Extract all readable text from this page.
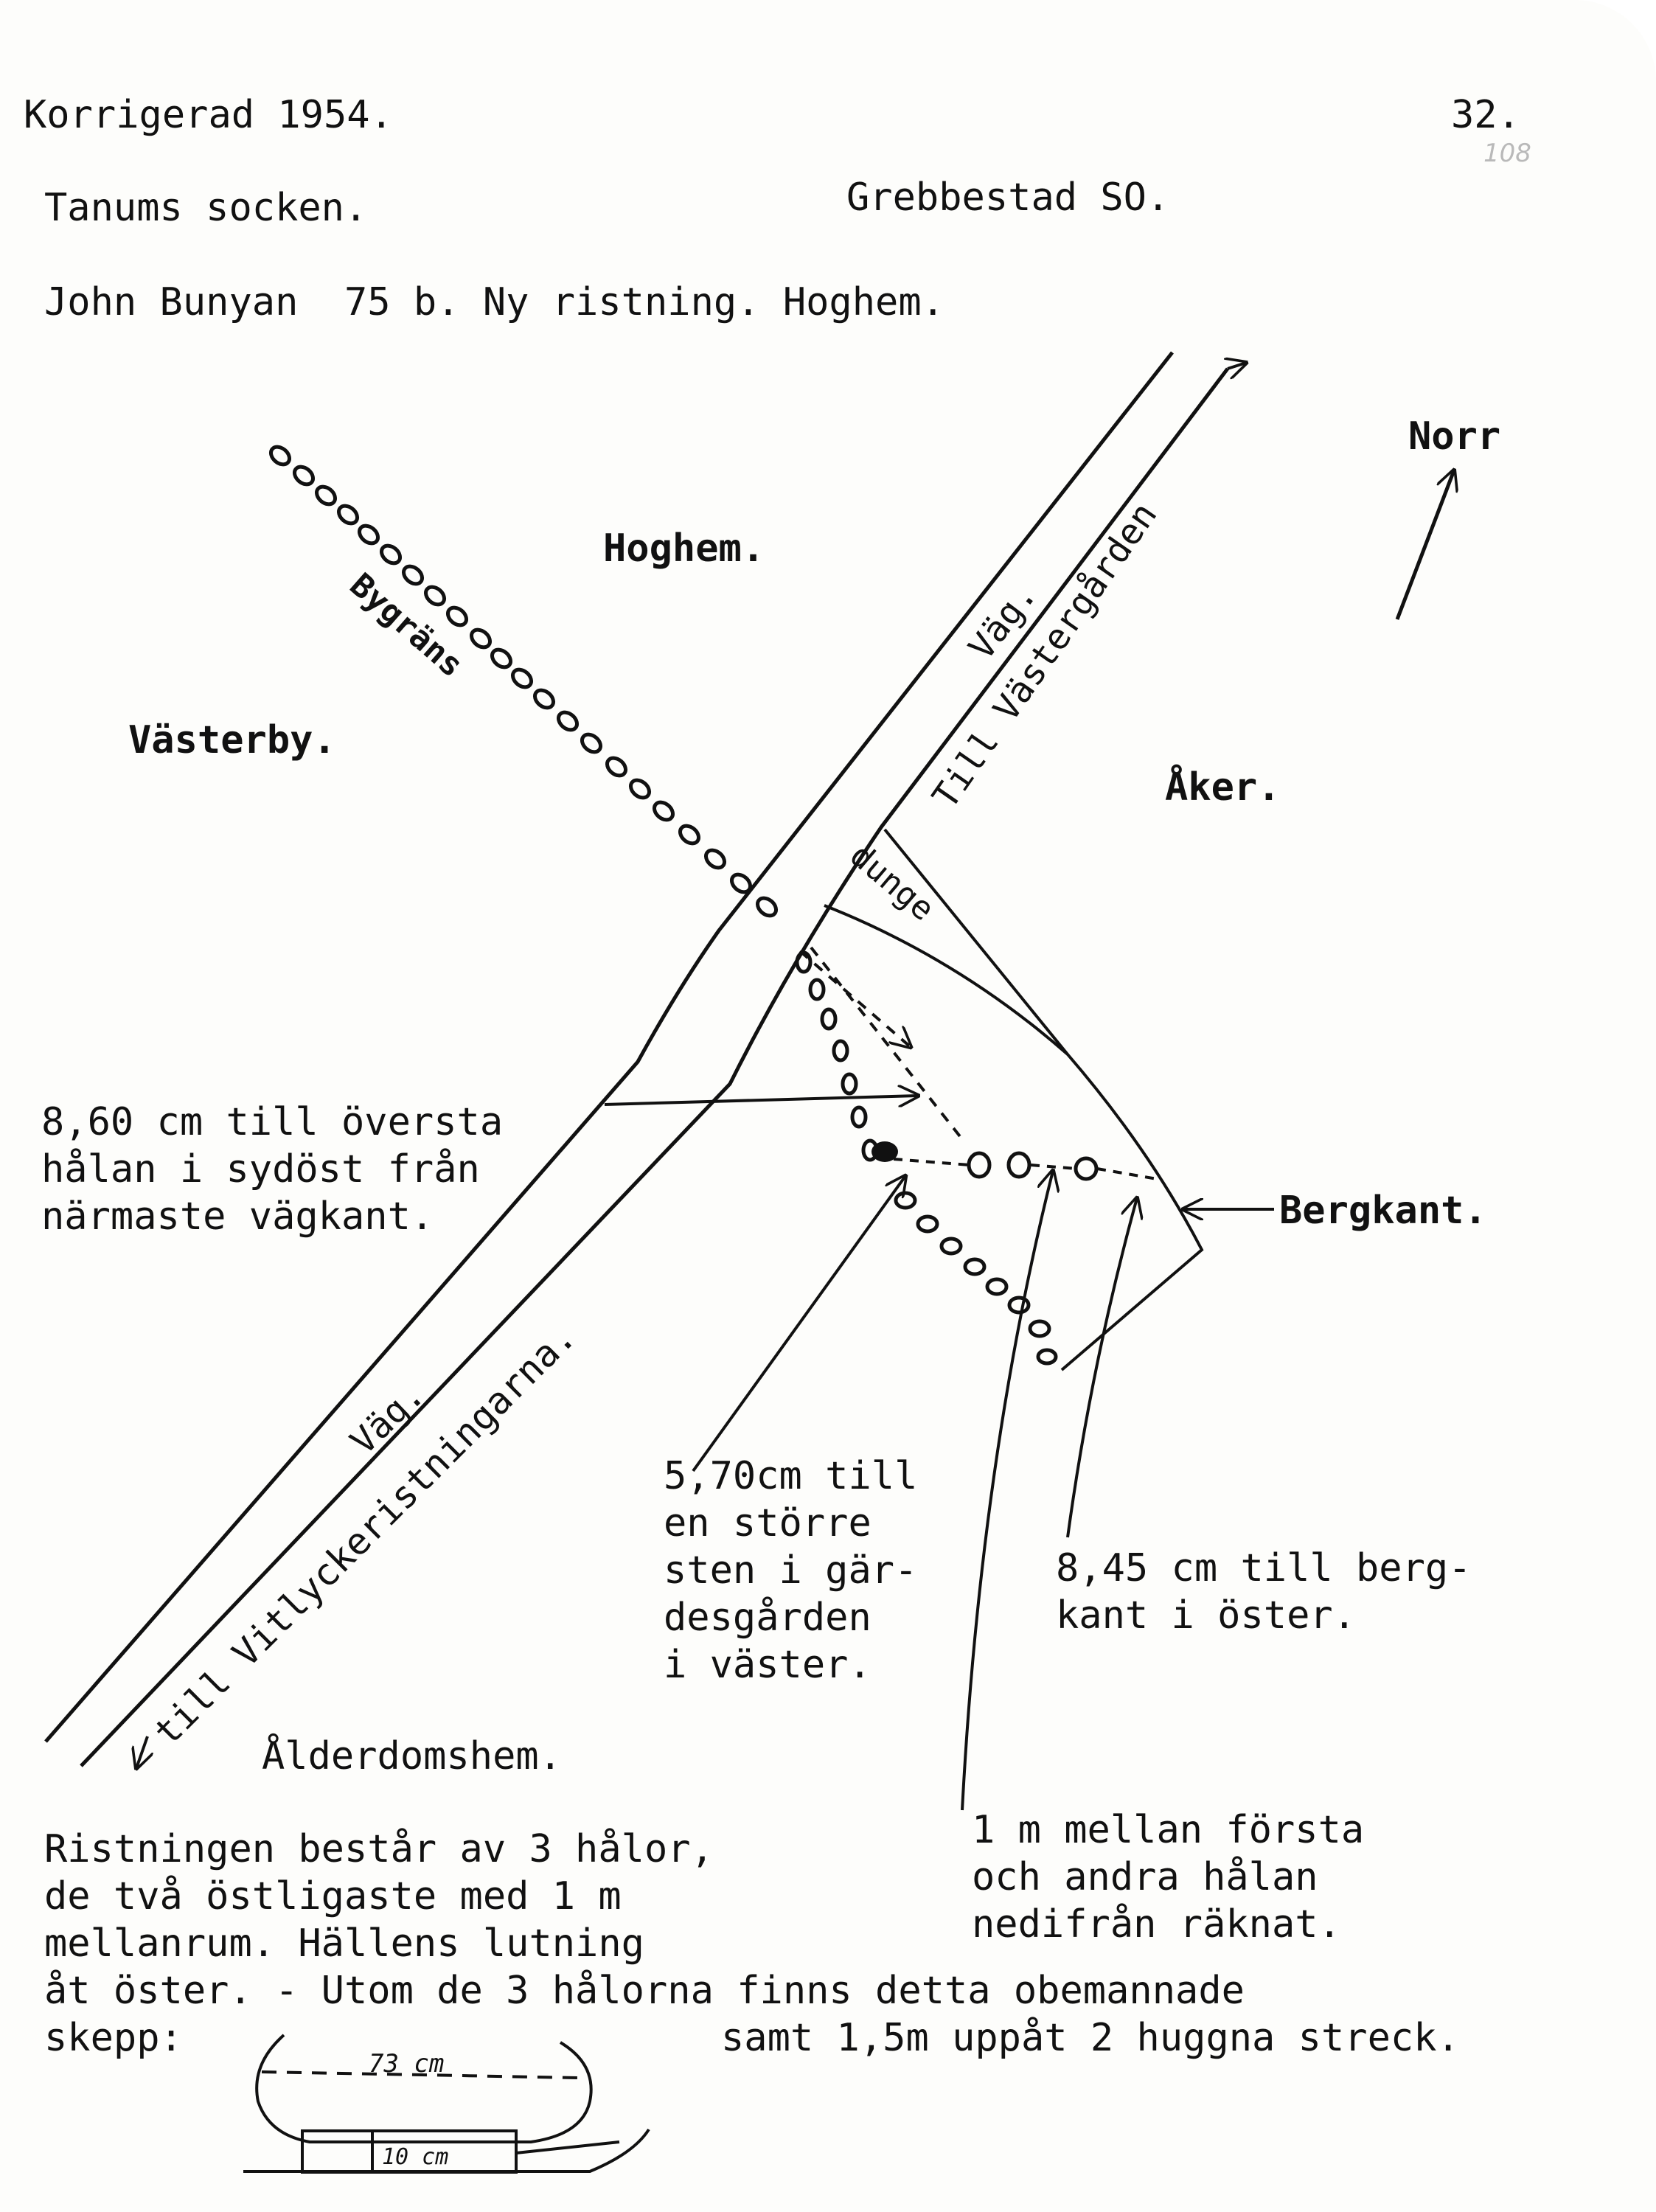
Korrigerad 1954.	32.
108
Tanums socken.	Grebbestad SO.
John Bunyan  75 b. Ny ristning. Hoghem.
Bygräns
Till Västergården
Väg.
till Vitlyckeristningarna.
Väg.
dunge
73 cm
10 cm
Norr
Hoghem.
Västerby.
Åker.
Bergkant.
Ålderdomshem.
8,60 cm till översta
hålan i sydöst från
närmaste vägkant.
5,70cm till
en större
sten i gär-
desgården
i väster.
8,45 cm till berg-
kant i öster.
1 m mellan första
och andra hålan
nedifrån räknat.
Ristningen består av 3 hålor,
de två östligaste med 1 m
mellanrum. Hällens lutning
åt öster. - Utom de 3 hålorna finns detta obemannade
skepp:	samt 1,5m uppåt 2 huggna streck.
